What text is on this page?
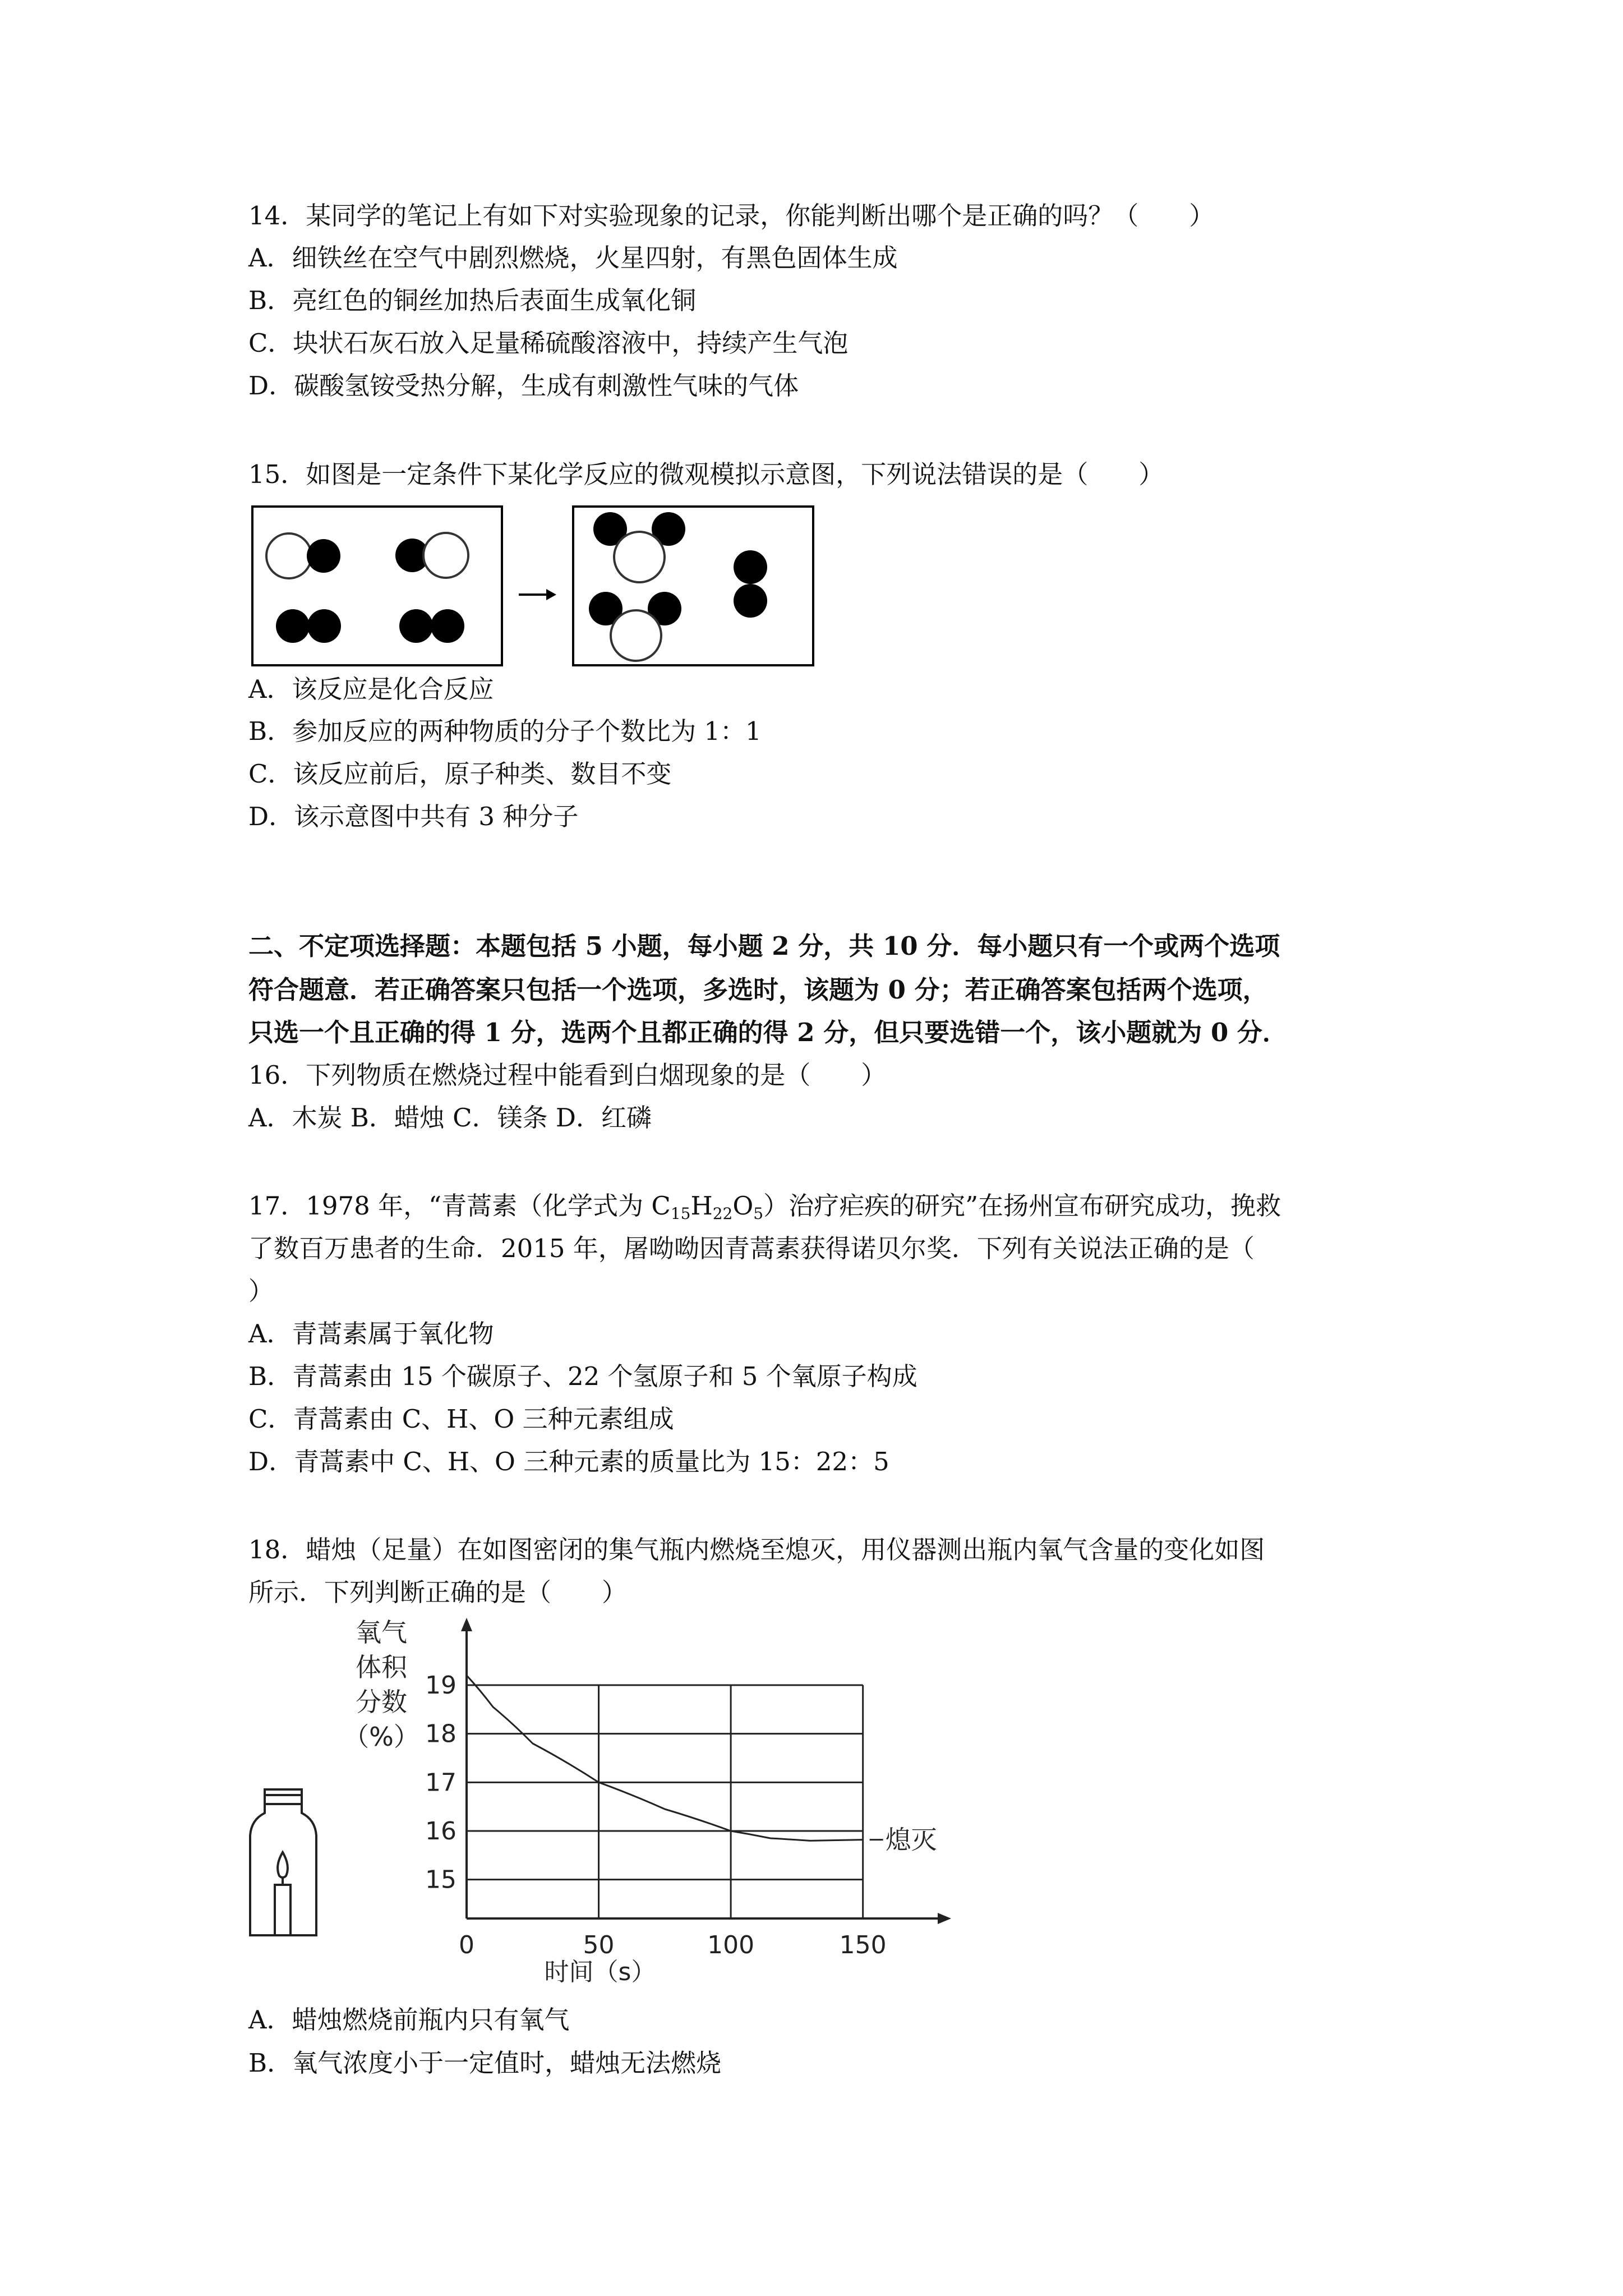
14．某同学的笔记上有如下对实验现象的记录，你能判断出哪个是正确的吗？（　　）
A．细铁丝在空气中剧烈燃烧，火星四射，有黑色固体生成
B．亮红色的铜丝加热后表面生成氧化铜
C．块状石灰石放入足量稀硫酸溶液中，持续产生气泡
D．碳酸氢铵受热分解，生成有刺激性气味的气体
15．如图是一定条件下某化学反应的微观模拟示意图，下列说法错误的是（　　）
A．该反应是化合反应
B．参加反应的两种物质的分子个数比为 1：1
C．该反应前后，原子种类、数目不变
D．该示意图中共有 3 种分子
二、不定项选择题：本题包括 5 小题，每小题 2 分，共 10 分．每小题只有一个或两个选项
符合题意．若正确答案只包括一个选项，多选时，该题为 0 分；若正确答案包括两个选项，
只选一个且正确的得 1 分，选两个且都正确的得 2 分，但只要选错一个，该小题就为 0 分．
16．下列物质在燃烧过程中能看到白烟现象的是（　　）
A．木炭 B．蜡烛 C．镁条 D．红磷
17．1978 年，“青蒿素（化学式为 $C_{15}H_{22}O_5$）治疗疟疾的研究”在扬州宣布研究成功，挽救
了数百万患者的生命．2015 年，屠呦呦因青蒿素获得诺贝尔奖．下列有关说法正确的是（
）
A．青蒿素属于氧化物
B．青蒿素由 15 个碳原子、22 个氢原子和 5 个氧原子构成
C．青蒿素由 C、H、O 三种元素组成
D．青蒿素中 C、H、O 三种元素的质量比为 15：22：5
18．蜡烛（足量）在如图密闭的集气瓶内燃烧至熄灭，用仪器测出瓶内氧气含量的变化如图
所示．下列判断正确的是（　　）
氧气
体积
分数
（%）
0	50	100	150
15
16
17
18
19
熄灭
时间（s）
A．蜡烛燃烧前瓶内只有氧气
B．氧气浓度小于一定值时，蜡烛无法燃烧
